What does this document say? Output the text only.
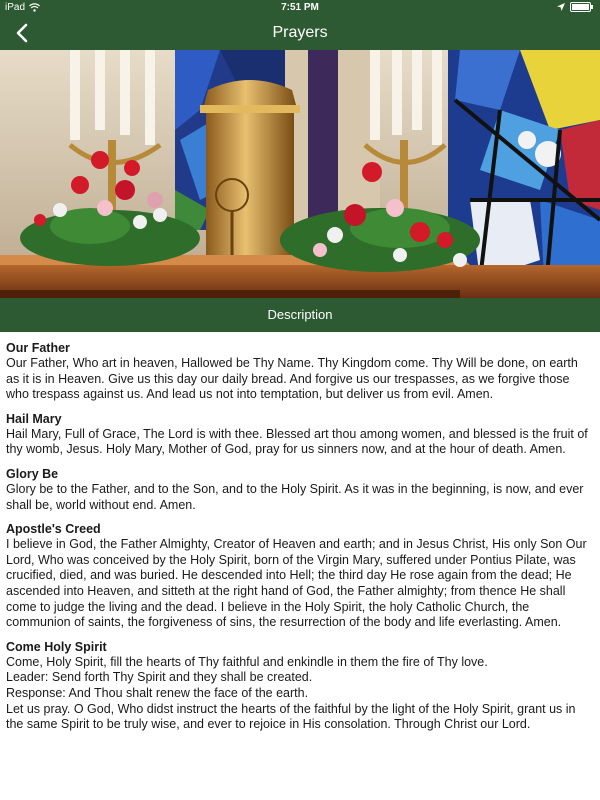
iPad	7:51 PM
Prayers
Description
Our Father

Our Father, Who art in heaven, Hallowed be Thy Name. Thy Kingdom come. Thy Will be done, on earth as it is in Heaven. Give us this day our daily bread. And forgive us our trespasses, as we forgive those who trespass against us. And lead us not into temptation, but deliver us from evil. Amen.

Hail Mary

Hail Mary, Full of Grace, The Lord is with thee. Blessed art thou among women, and blessed is the fruit of thy womb, Jesus. Holy Mary, Mother of God, pray for us sinners now, and at the hour of death. Amen.

Glory Be

Glory be to the Father, and to the Son, and to the Holy Spirit. As it was in the beginning, is now, and ever shall be, world without end. Amen.

Apostle's Creed

I believe in God, the Father Almighty, Creator of Heaven and earth; and in Jesus Christ, His only Son Our Lord, Who was conceived by the Holy Spirit, born of the Virgin Mary, suffered under Pontius Pilate, was crucified, died, and was buried. He descended into Hell; the third day He rose again from the dead; He ascended into Heaven, and sitteth at the right hand of God, the Father almighty; from thence He shall come to judge the living and the dead. I believe in the Holy Spirit, the holy Catholic Church, the communion of saints, the forgiveness of sins, the resurrection of the body and life everlasting. Amen.

Come Holy Spirit

Come, Holy Spirit, fill the hearts of Thy faithful and enkindle in them the fire of Thy love.

Leader: Send forth Thy Spirit and they shall be created.

Response: And Thou shalt renew the face of the earth.

Let us pray. O God, Who didst instruct the hearts of the faithful by the light of the Holy Spirit, grant us in the same Spirit to be truly wise, and ever to rejoice in His consolation. Through Christ our Lord.
